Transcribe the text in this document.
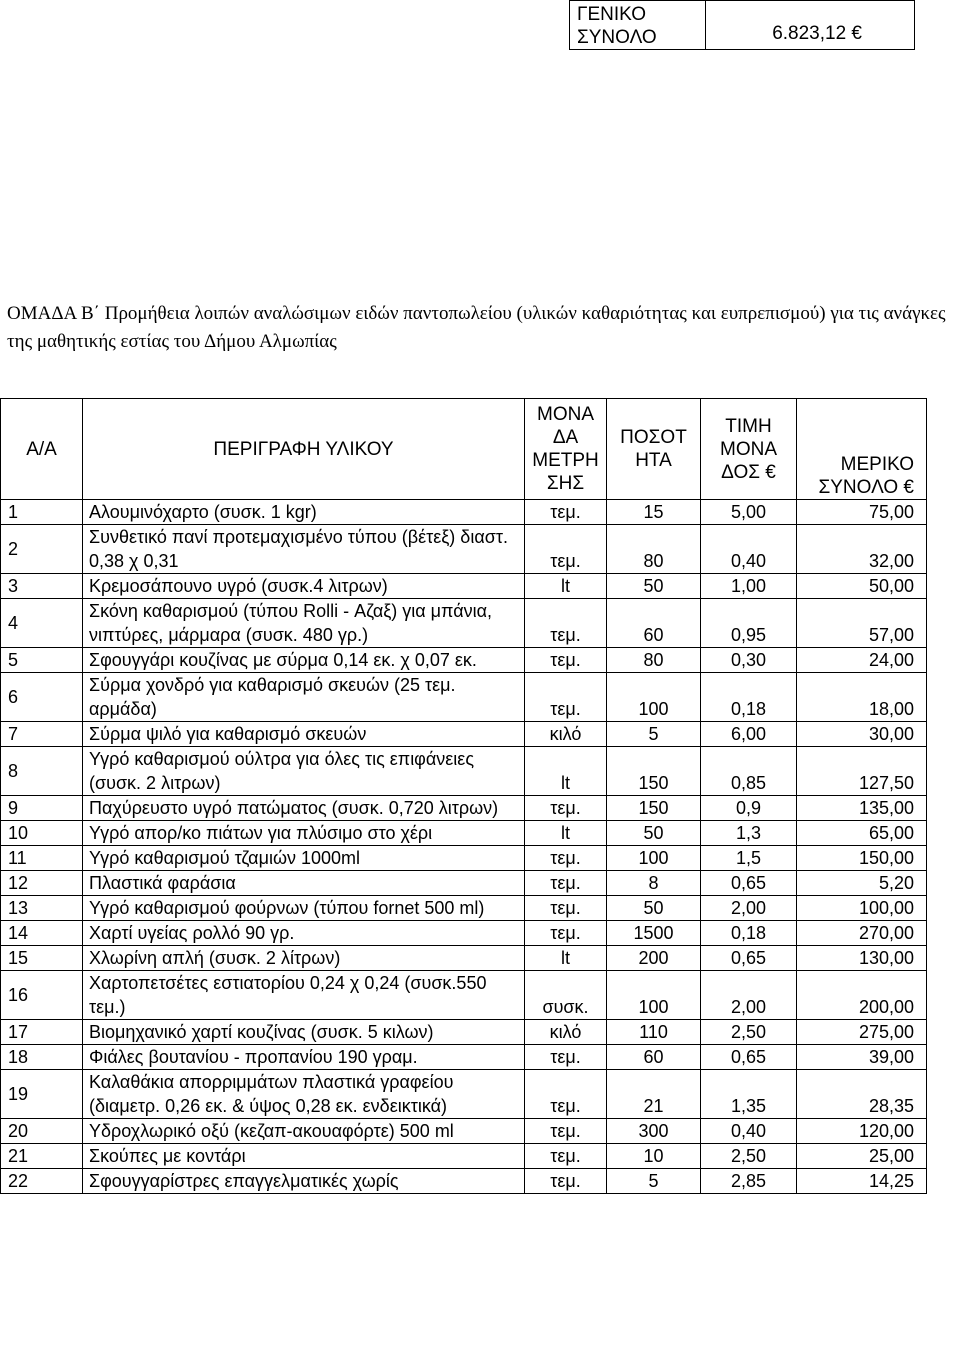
ΓΕΝΙΚΟ
ΣΥΝΟΛΟ	6.823,12 €
ΟΜΑΔΑ Β΄ Προμήθεια λοιπών αναλώσιμων ειδών παντοπωλείου (υλικών καθαριότητας και ευπρεπισμού) για τις ανάγκες της μαθητικής εστίας του Δήμου Αλμωπίας
Α/Α	ΠΕΡΙΓΡΑΦΗ ΥΛΙΚΟΥ	ΜΟΝΑ ΔΑ ΜΕΤΡΗ ΣΗΣ	ΠΟΣΟΤ ΗΤΑ	ΤΙΜΗ ΜΟΝΑ ΔΟΣ €	ΜΕΡΙΚΟ ΣΥΝΟΛΟ €
1	Αλουμινόχαρτο (συσκ. 1 kgr)	τεμ.	15	5,00	75,00
2	Συνθετικό πανί προτεμαχισμένο τύπου (βέτεξ) διαστ. 0,38 χ 0,31	τεμ.	80	0,40	32,00
3	Κρεμοσάπουνο υγρό (συσκ.4 λιτρων)	lt	50	1,00	50,00
4	Σκόνη καθαρισμού (τύπου Rolli - Αζαξ) για μπάνια, νιπτύρες, μάρμαρα (συσκ. 480 γρ.)	τεμ.	60	0,95	57,00
5	Σφουγγάρι κουζίνας με σύρμα 0,14 εκ. χ 0,07 εκ.	τεμ.	80	0,30	24,00
6	Σύρμα χονδρό για καθαρισμό σκευών (25 τεμ. αρμάδα)	τεμ.	100	0,18	18,00
7	Σύρμα ψιλό για καθαρισμό σκευών	κιλό	5	6,00	30,00
8	Υγρό καθαρισμού ούλτρα για όλες τις επιφάνειες (συσκ. 2 λιτρων)	lt	150	0,85	127,50
9	Παχύρευστο υγρό πατώματος (συσκ. 0,720 λιτρων)	τεμ.	150	0,9	135,00
10	Υγρό απορ/κο πιάτων για πλύσιμο στο χέρι	lt	50	1,3	65,00
11	Υγρό καθαρισμού τζαμιών 1000ml	τεμ.	100	1,5	150,00
12	Πλαστικά φαράσια	τεμ.	8	0,65	5,20
13	Υγρό καθαρισμού φούρνων (τύπου fornet 500 ml)	τεμ.	50	2,00	100,00
14	Χαρτί υγείας ρολλό 90 γρ.	τεμ.	1500	0,18	270,00
15	Χλωρίνη απλή (συσκ. 2 λίτρων)	lt	200	0,65	130,00
16	Χαρτοπετσέτες εστιατορίου 0,24 χ 0,24 (συσκ.550 τεμ.)	συσκ.	100	2,00	200,00
17	Βιομηχανικό χαρτί κουζίνας (συσκ. 5 κιλων)	κιλό	110	2,50	275,00
18	Φιάλες βουτανίου - προπανίου 190 γραμ.	τεμ.	60	0,65	39,00
19	Καλαθάκια απορριμμάτων πλαστικά γραφείου (διαμετρ. 0,26 εκ. & ύψος 0,28 εκ. ενδεικτικά)	τεμ.	21	1,35	28,35
20	Υδροχλωρικό οξύ (κεζαπ-ακουαφόρτε) 500 ml	τεμ.	300	0,40	120,00
21	Σκούπες με κοντάρι	τεμ.	10	2,50	25,00
22	Σφουγγαρίστρες επαγγελματικές χωρίς	τεμ.	5	2,85	14,25
